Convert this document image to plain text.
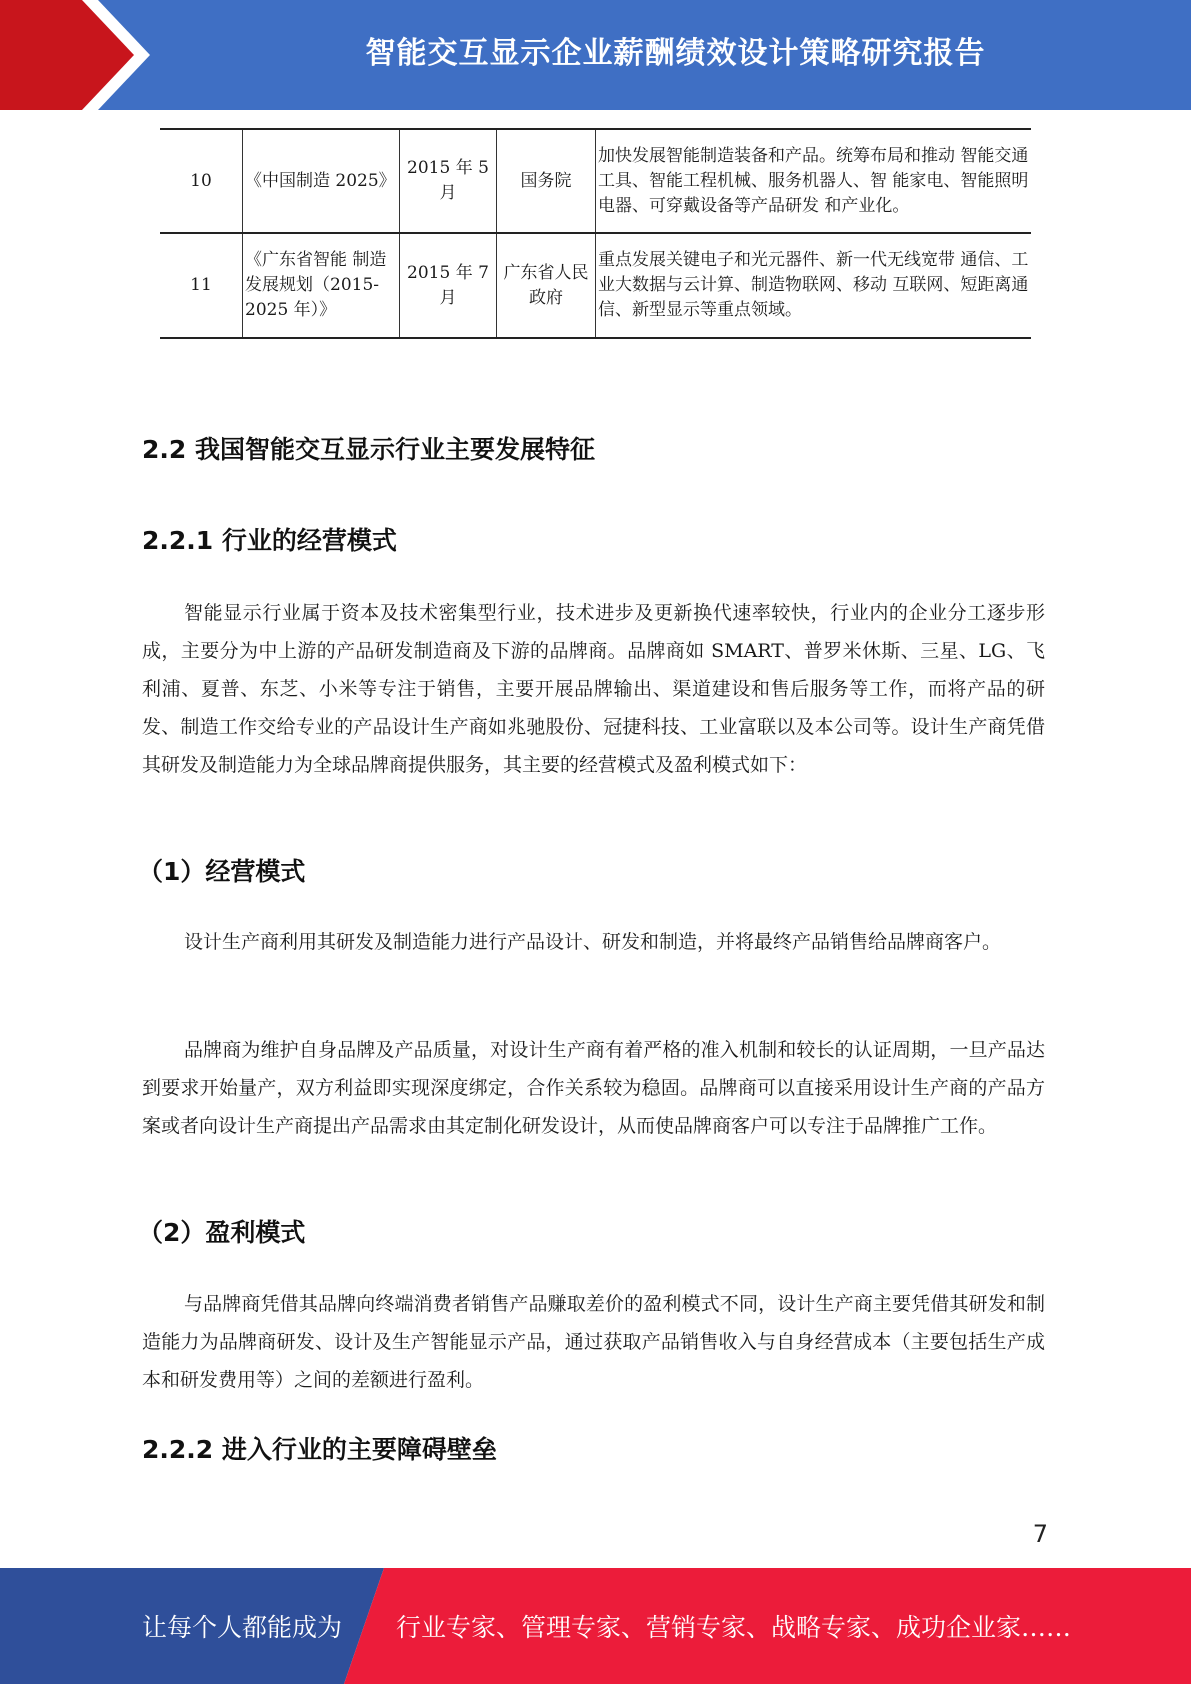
智能交互显示企业薪酬绩效设计策略研究报告
10	《中国制造 2025》	2015 年 5 月	国务院	加快发展智能制造装备和产品。统筹布局和推动 智能交通工具、智能工程机械、服务机器人、智 能家电、智能照明电器、可穿戴设备等产品研发 和产业化。
11	《广东省智能 制造发展规划（2015-2025 年）》	2015 年 7 月	广东省人民政府	重点发展关键电子和光元器件、新一代无线宽带 通信、工业大数据与云计算、制造物联网、移动 互联网、短距离通信、新型显示等重点领域。
2.2 我国智能交互显示行业主要发展特征
2.2.1 行业的经营模式

智能显示行业属于资本及技术密集型行业，技术进步及更新换代速率较快，行业内的企业分工逐步形成，主要分为中上游的产品研发制造商及下游的品牌商。品牌商如 SMART、普罗米休斯、三星、LG、飞利浦、夏普、东芝、小米等专注于销售，主要开展品牌输出、渠道建设和售后服务等工作，而将产品的研发、制造工作交给专业的产品设计生产商如兆驰股份、冠捷科技、工业富联以及本公司等。设计生产商凭借其研发及制造能力为全球品牌商提供服务，其主要的经营模式及盈利模式如下：

（1）经营模式

设计生产商利用其研发及制造能力进行产品设计、研发和制造，并将最终产品销售给品牌商客户。

品牌商为维护自身品牌及产品质量，对设计生产商有着严格的准入机制和较长的认证周期，一旦产品达到要求开始量产，双方利益即实现深度绑定，合作关系较为稳固。品牌商可以直接采用设计生产商的产品方案或者向设计生产商提出产品需求由其定制化研发设计，从而使品牌商客户可以专注于品牌推广工作。

（2）盈利模式

与品牌商凭借其品牌向终端消费者销售产品赚取差价的盈利模式不同，设计生产商主要凭借其研发和制造能力为品牌商研发、设计及生产智能显示产品，通过获取产品销售收入与自身经营成本（主要包括生产成本和研发费用等）之间的差额进行盈利。

2.2.2 进入行业的主要障碍壁垒
7
让每个人都能成为 行业专家、管理专家、营销专家、战略专家、成功企业家……
